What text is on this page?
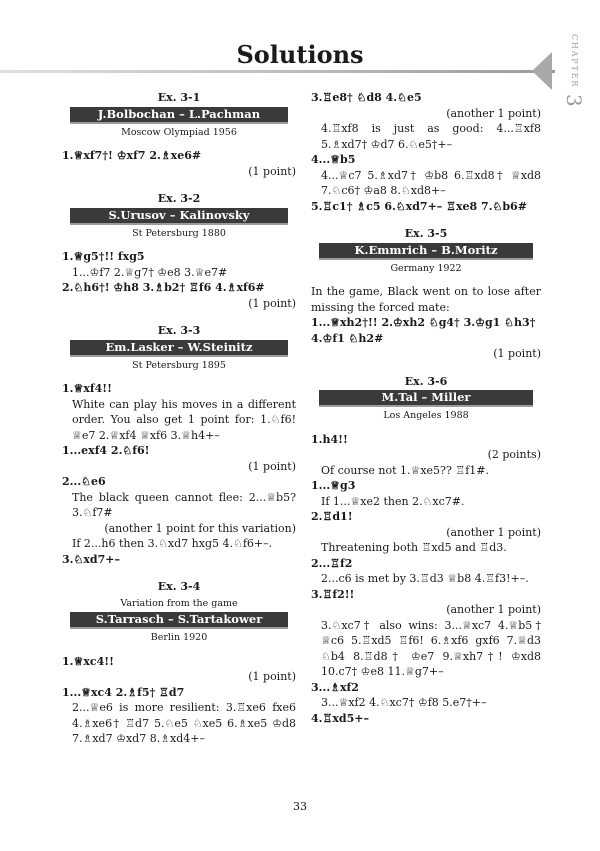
Solutions	CHAPTER 3
Ex. 3-1
J.Bolbochan – L.Pachman
Moscow Olympiad 1956
1.♕xf7†! ♔xf7 2.♗xe6#
(1 point)
Ex. 3-2
S.Urusov – Kalinovsky
St Petersburg 1880
1.♕g5†!! fxg5
1...♔f7 2.♕g7† ♔e8 3.♕e7#
2.♘h6†! ♔h8 3.♗b2† ♖f6 4.♗xf6#
(1 point)
Ex. 3-3
Em.Lasker – W.Steinitz
St Petersburg 1895
1.♕xf4!!
White can play his moves in a different order. You also get 1 point for: 1.♘f6! ♕e7 2.♕xf4 ♕xf6 3.♕h4+–
1...exf4 2.♘f6!
(1 point)
2...♘e6
The black queen cannot flee: 2...♕b5? 3.♘f7#
(another 1 point for this variation)
If 2...h6 then 3.♘xd7 hxg5 4.♘f6+–.
3.♘xd7+–
Ex. 3-4
Variation from the game
S.Tarrasch – S.Tartakower
Berlin 1920
1.♕xc4!!
(1 point)
1...♕xc4 2.♗f5† ♖d7
2...♕e6 is more resilient: 3.♖xe6 fxe6 4.♗xe6† ♖d7 5.♘e5 ♘xe5 6.♗xe5 ♔d8 7.♗xd7 ♔xd7 8.♗xd4+–
3.♖e8† ♘d8 4.♘e5
(another 1 point)
4.♖xf8 is just as good: 4...♖xf8 5.♗xd7† ♔d7 6.♘e5†+–
4...♕b5
4...♕c7 5.♗xd7† ♔b8 6.♖xd8† ♕xd8 7.♘c6† ♔a8 8.♘xd8+–
5.♖c1† ♗c5 6.♘xd7+– ♖xe8 7.♘b6#
Ex. 3-5
K.Emmrich – B.Moritz
Germany 1922
In the game, Black went on to lose after missing the forced mate:
1...♕xh2†!! 2.♔xh2 ♘g4† 3.♔g1 ♘h3† 4.♔f1 ♘h2#
(1 point)
Ex. 3-6
M.Tal – Miller
Los Angeles 1988
1.h4!!
(2 points)
Of course not 1.♕xe5?? ♖f1#.
1...♕g3
If 1...♕xe2 then 2.♘xc7#.
2.♖d1!
(another 1 point)
Threatening both ♖xd5 and ♖d3.
2...♖f2
2...c6 is met by 3.♖d3 ♕b8 4.♖f3!+–.
3.♖f2!!
(another 1 point)
3.♘xc7† also wins: 3...♕xc7 4.♕b5† ♕c6 5.♖xd5 ♖f6! 6.♗xf6 gxf6 7.♕d3 ♘b4 8.♖d8† ♔e7 9.♕xh7†! ♔xd8 10.c7† ♔e8 11.♕g7+–
3...♗xf2
3...♕xf2 4.♘xc7† ♔f8 5.e7†+–
4.♖xd5+–
33
